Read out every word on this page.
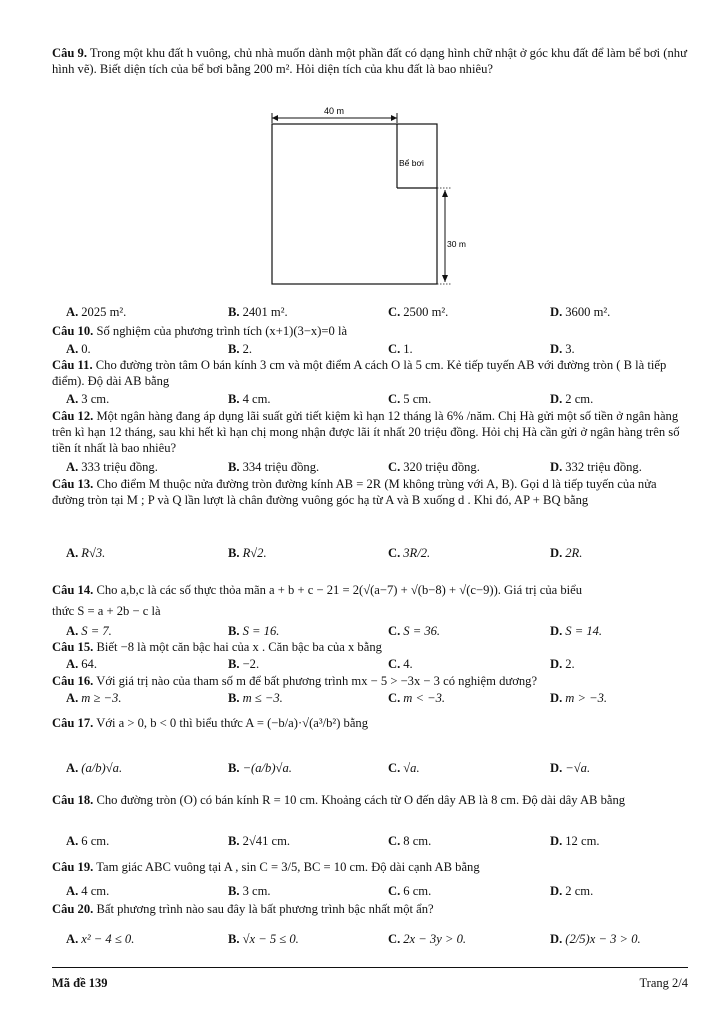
Câu 9. Trong một khu đất h vuông, chủ nhà muốn dành một phần đất có dạng hình chữ nhật ở góc khu đất để làm bể bơi (như hình vẽ). Biết diện tích của bể bơi bằng 200 m². Hỏi diện tích của khu đất là bao nhiêu?
40 m
Bể bơi
30 m
A. 2025 m².	B. 2401 m².	C. 2500 m².	D. 3600 m².
Câu 10. Số nghiệm của phương trình tích (x+1)(3−x)=0 là
A. 0.	B. 2.	C. 1.	D. 3.
Câu 11. Cho đường tròn tâm O bán kính 3 cm và một điểm A cách O là 5 cm. Kẻ tiếp tuyến AB với đường tròn ( B là tiếp điểm). Độ dài AB bằng
A. 3 cm.	B. 4 cm.	C. 5 cm.	D. 2 cm.
Câu 12. Một ngân hàng đang áp dụng lãi suất gửi tiết kiệm kì hạn 12 tháng là 6% /năm. Chị Hà gửi một số tiền ở ngân hàng trên kì hạn 12 tháng, sau khi hết kì hạn chị mong nhận được lãi ít nhất 20 triệu đồng. Hỏi chị Hà cần gửi ở ngân hàng trên số tiền ít nhất là bao nhiêu?
A. 333 triệu đồng.	B. 334 triệu đồng.	C. 320 triệu đồng.	D. 332 triệu đồng.
Câu 13. Cho điểm M thuộc nửa đường tròn đường kính AB = 2R (M không trùng với A, B). Gọi d là tiếp tuyến của nửa đường tròn tại M ; P và Q lần lượt là chân đường vuông góc hạ từ A và B xuống d . Khi đó, AP + BQ bằng
A. R√3.	B. R√2.	C. 3R/2.	D. 2R.
Câu 14. Cho a,b,c là các số thực thỏa mãn a + b + c − 21 = 2(√(a−7) + √(b−8) + √(c−9)). Giá trị của biểu
thức S = a + 2b − c là
A. S = 7.	B. S = 16.	C. S = 36.	D. S = 14.
Câu 15. Biết −8 là một căn bậc hai của x . Căn bậc ba của x bằng
A. 64.	B. −2.	C. 4.	D. 2.
Câu 16. Với giá trị nào của tham số m để bất phương trình mx − 5 > −3x − 3 có nghiệm dương?
A. m ≥ −3.	B. m ≤ −3.	C. m < −3.	D. m > −3.
Câu 17. Với a > 0, b < 0 thì biểu thức A = (−b/a)·√(a³/b²) bằng
A. (a/b)√a.	B. −(a/b)√a.	C. √a.	D. −√a.
Câu 18. Cho đường tròn (O) có bán kính R = 10 cm. Khoảng cách từ O đến dây AB là 8 cm. Độ dài dây AB bằng
A. 6 cm.	B. 2√41 cm.	C. 8 cm.	D. 12 cm.
Câu 19. Tam giác ABC vuông tại A , sin C = 3/5, BC = 10 cm. Độ dài cạnh AB bằng
A. 4 cm.	B. 3 cm.	C. 6 cm.	D. 2 cm.
Câu 20. Bất phương trình nào sau đây là bất phương trình bậc nhất một ẩn?
A. x² − 4 ≤ 0.	B. √x − 5 ≤ 0.	C. 2x − 3y > 0.	D. (2/5)x − 3 > 0.
Mã đề 139	Trang 2/4
